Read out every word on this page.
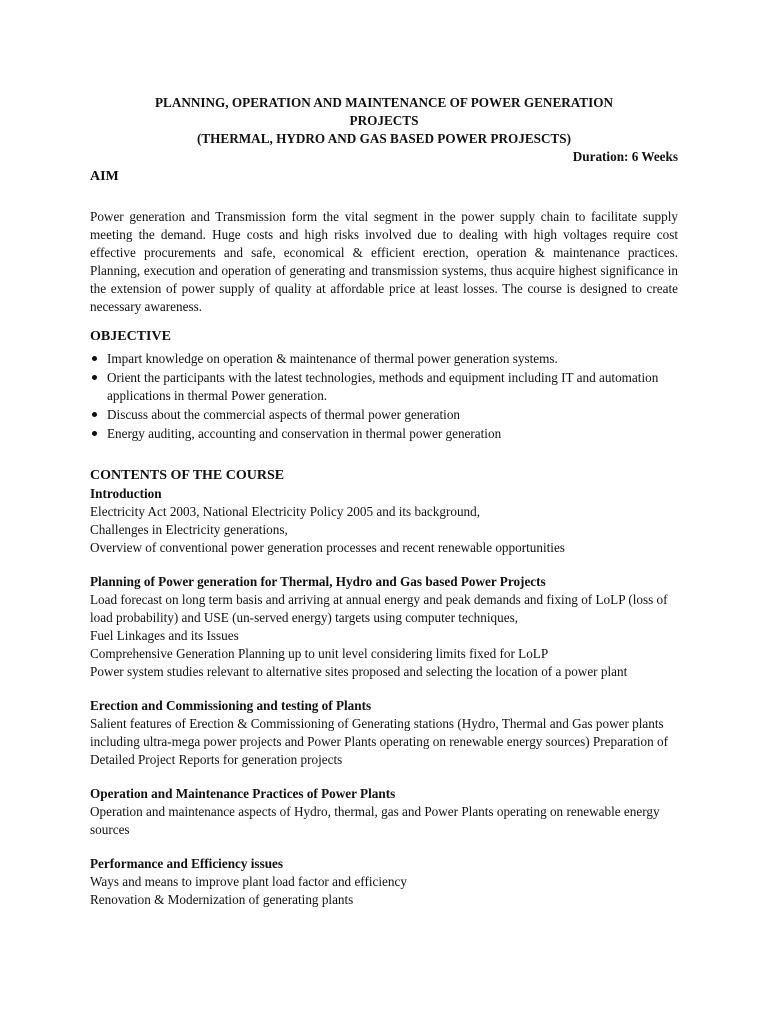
PLANNING, OPERATION AND MAINTENANCE OF POWER GENERATION

PROJECTS

(THERMAL, HYDRO AND GAS BASED POWER PROJESCTS)

Duration: 6 Weeks

AIM

Power generation and Transmission form the vital segment in the power supply chain to facilitate supply meeting the demand. Huge costs and high risks involved due to dealing with high voltages require cost effective procurements and safe, economical & efficient erection, operation & maintenance practices. Planning, execution and operation of generating and transmission systems, thus acquire highest significance in the extension of power supply of quality at affordable price at least losses. The course is designed to create necessary awareness.

OBJECTIVE

Impart knowledge on operation & maintenance of thermal power generation systems.
Orient the participants with the latest technologies, methods and equipment including IT and automation applications in thermal Power generation.
Discuss about the commercial aspects of thermal power generation
Energy auditing, accounting and conservation in thermal power generation

CONTENTS OF THE COURSE

Introduction

Electricity Act 2003, National Electricity Policy 2005 and its background,

Challenges in Electricity generations,

Overview of conventional power generation processes and recent renewable opportunities

Planning of Power generation for Thermal, Hydro and Gas based Power Projects

Load forecast on long term basis and arriving at annual energy and peak demands and fixing of LoLP (loss of load probability) and USE (un-served energy) targets using computer techniques,

Fuel Linkages and its Issues

Comprehensive Generation Planning up to unit level considering limits fixed for LoLP

Power system studies relevant to alternative sites proposed and selecting the location of a power plant

Erection and Commissioning and testing of Plants

Salient features of Erection & Commissioning of Generating stations (Hydro, Thermal and Gas power plants including ultra-mega power projects and Power Plants operating on renewable energy sources) Preparation of Detailed Project Reports for generation projects

Operation and Maintenance Practices of Power Plants

Operation and maintenance aspects of Hydro, thermal, gas and Power Plants operating on renewable energy sources

Performance and Efficiency issues

Ways and means to improve plant load factor and efficiency

Renovation & Modernization of generating plants
